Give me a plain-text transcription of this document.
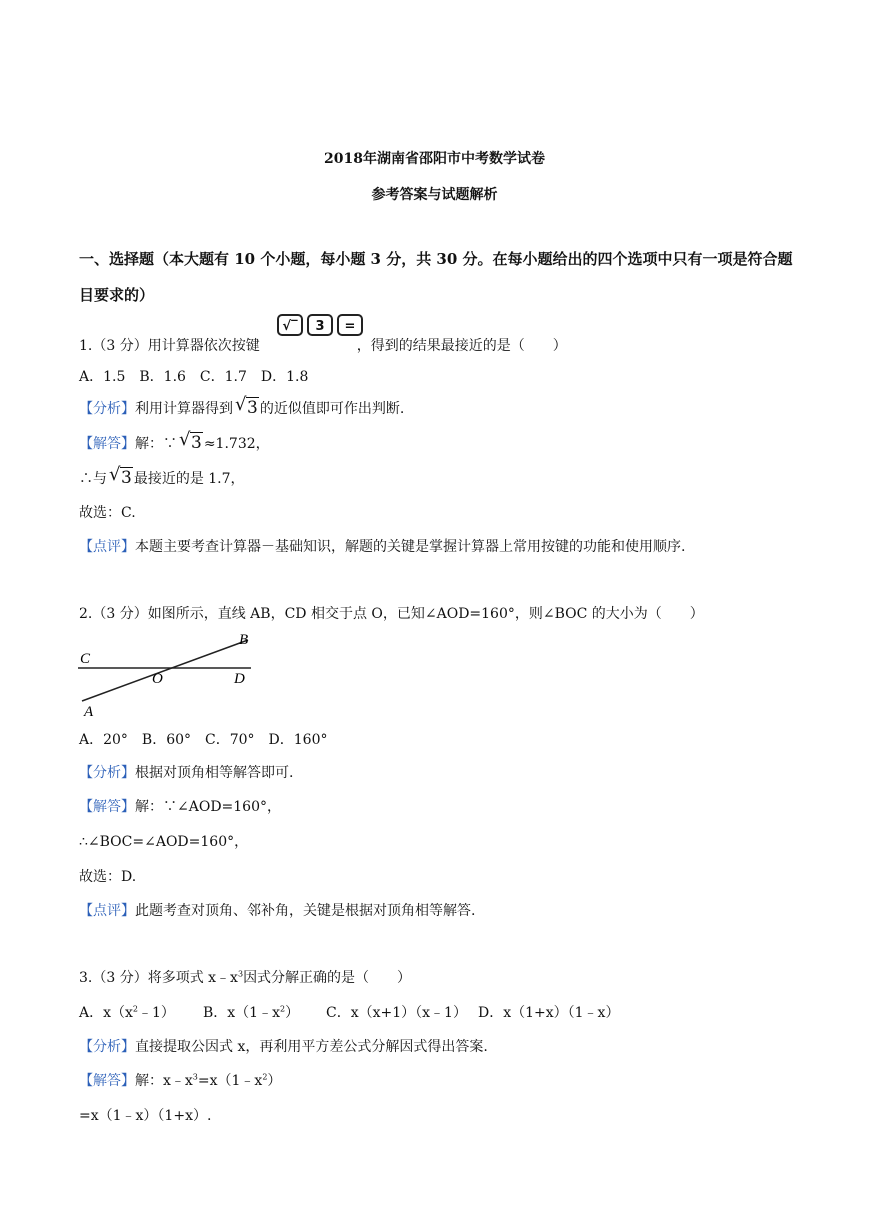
2018年湖南省邵阳市中考数学试卷
参考答案与试题解析
一、选择题（本大题有 10 个小题，每小题 3 分，共 30 分。在每小题给出的四个选项中只有一项是符合题
目要求的）
1.（3 分）用计算器依次按键	，得到的结果最接近的是（　　）
√‾ 3 =
A．1.5　B．1.6　C．1.7　D．1.8
【分析】利用计算器得到 √ 3 的近似值即可作出判断.
【解答】解：∵ √ 3 ≈1.732，
∴与 √ 3 最接近的是 1.7，
故选：C.
【点评】本题主要考查计算器－基础知识，解题的关键是掌握计算器上常用按键的功能和使用顺序.
2.（3 分）如图所示，直线 AB，CD 相交于点 O，已知∠AOD=160°，则∠BOC 的大小为（　　）
C
O	D
B
A
A．20°　B．60°　C．70°　D．160°
【分析】根据对顶角相等解答即可.
【解答】解：∵∠AOD=160°，
∴∠BOC=∠AOD=160°，
故选：D.
【点评】此题考查对顶角、邻补角，关键是根据对顶角相等解答.
3.（3 分）将多项式 $x﹣x^3$因式分解正确的是（　　）
A．$x(x^2﹣1)$ B．$x(1﹣x^2)$ C．x（x+1）（x﹣1） D．x（1+x）（1﹣x）
【分析】直接提取公因式 x，再利用平方差公式分解因式得出答案.
【解答】解：$x﹣x^3=x(1﹣x^2)$
=x（1﹣x）（1+x）.
